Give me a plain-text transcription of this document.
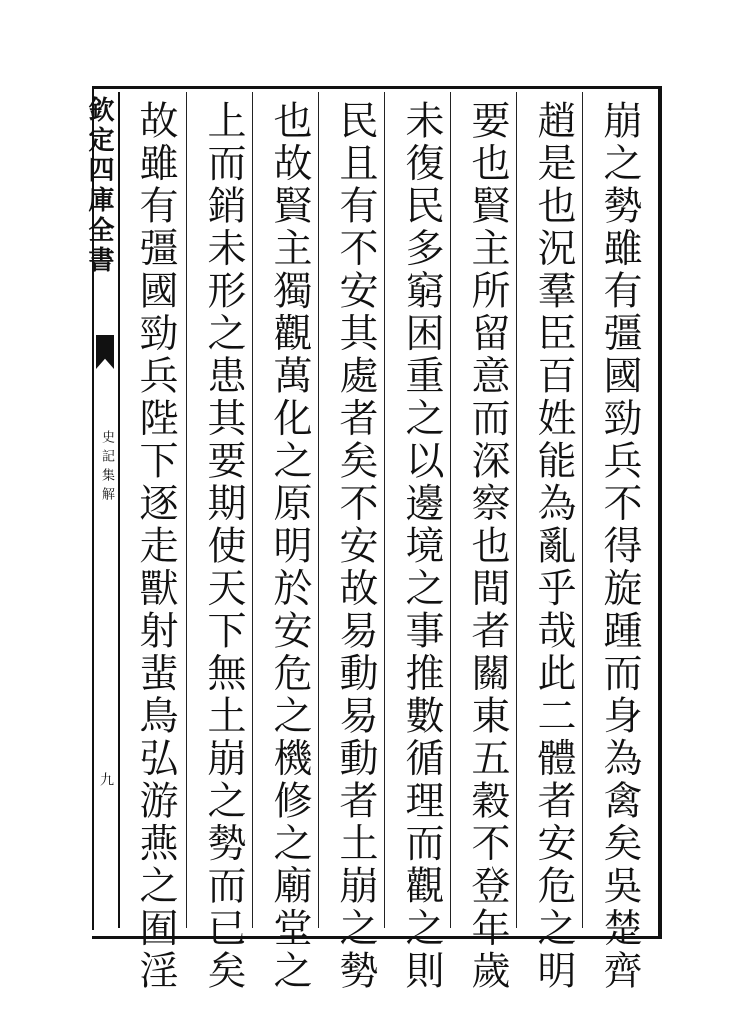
欽定四庫全書
史記集解
九	崩之勢雖有彊國勁兵不得旋踵而身為禽矣吳楚齊
趙是也況羣臣百姓能為亂乎哉此二體者安危之明
要也賢主所留意而深察也間者關東五穀不登年歲
未復民多窮困重之以邊境之事推數循理而觀之則
民且有不安其處者矣不安故易動易動者土崩之勢
也故賢主獨觀萬化之原明於安危之機修之廟堂之
上而銷未形之患其要期使天下無土崩之勢而已矣
故雖有彊國勁兵陛下逐走獸射蜚鳥弘游燕之囿淫
